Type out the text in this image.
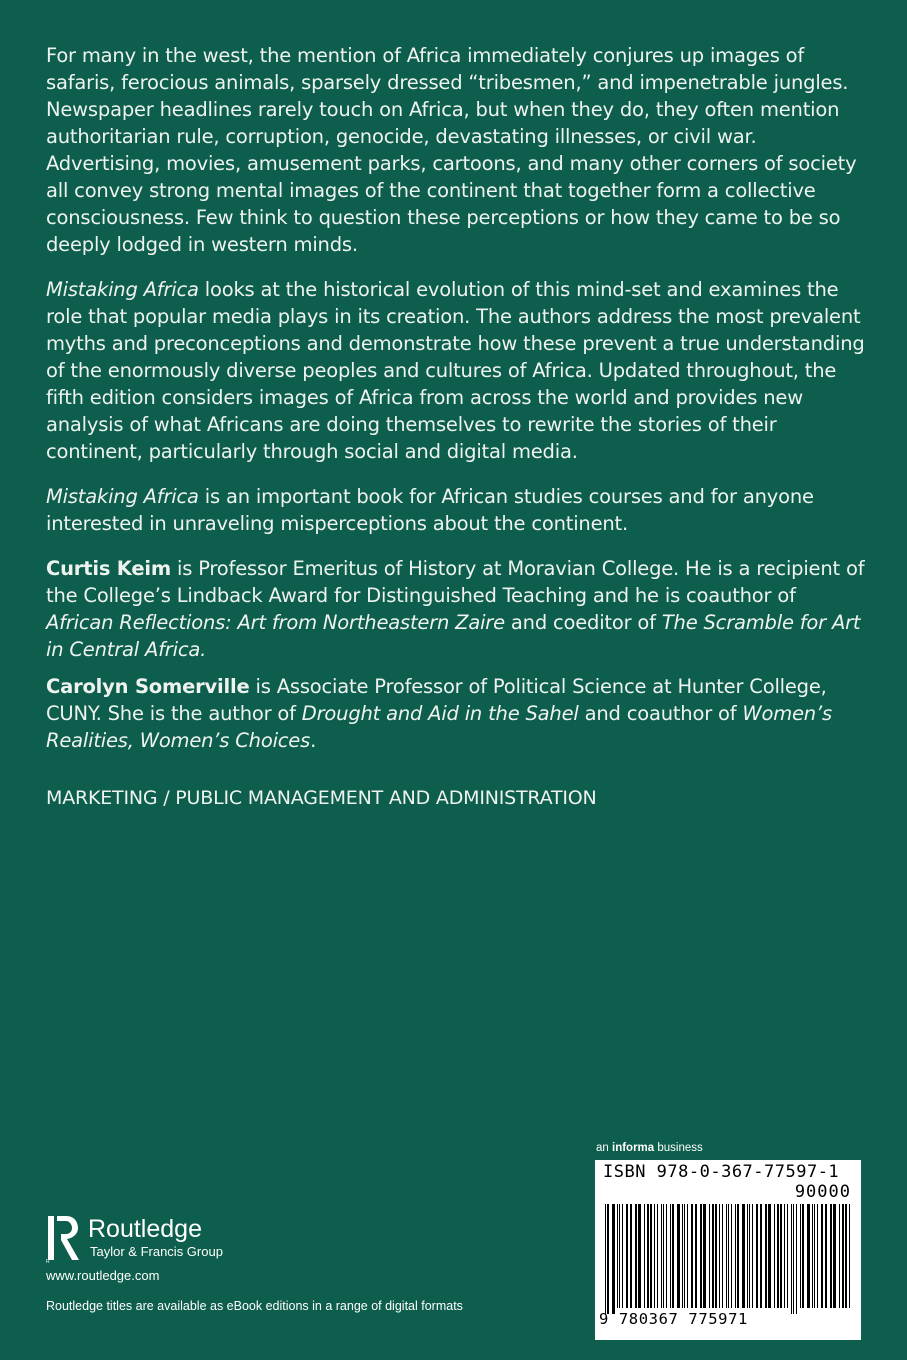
For many in the west, the mention of Africa immediately conjures up images of safaris, ferocious animals, sparsely dressed “tribesmen,” and impenetrable jungles. Newspaper headlines rarely touch on Africa, but when they do, they often mention authoritarian rule, corruption, genocide, devastating illnesses, or civil war. Advertising, movies, amusement parks, cartoons, and many other corners of society all convey strong mental images of the continent that together form a collective consciousness. Few think to question these perceptions or how they came to be so deeply lodged in western minds.

Mistaking Africa looks at the historical evolution of this mind-set and examines the role that popular media plays in its creation. The authors address the most prevalent myths and preconceptions and demonstrate how these prevent a true understanding of the enormously diverse peoples and cultures of Africa. Updated throughout, the fifth edition considers images of Africa from across the world and provides new analysis of what Africans are doing themselves to rewrite the stories of their continent, particularly through social and digital media.

Mistaking Africa is an important book for African studies courses and for anyone interested in unraveling misperceptions about the continent.

Curtis Keim is Professor Emeritus of History at Moravian College. He is a recipient of the College’s Lindback Award for Distinguished Teaching and he is coauthor of African Reflections: Art from Northeastern Zaire and coeditor of The Scramble for Art in Central Africa.

Carolyn Somerville is Associate Professor of Political Science at Hunter College, CUNY. She is the author of Drought and Aid in the Sahel and coauthor of Women’s Realities, Women’s Choices.

MARKETING / PUBLIC MANAGEMENT AND ADMINISTRATION
R
Routledge
Taylor & Francis Group
www.routledge.com
Routledge titles are available as eBook editions in a range of digital formats
an informa business
ISBN 978-0-367-77597-1
90000
9 780367 775971
